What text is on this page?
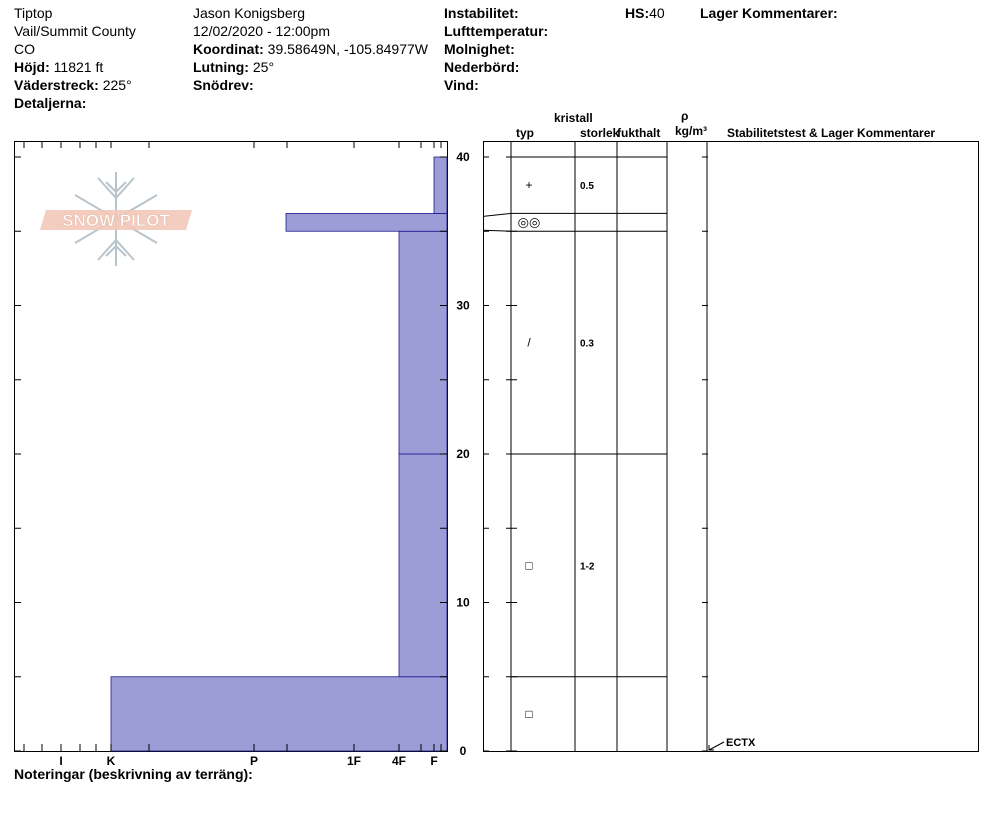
Tiptop
Vail/Summit County
CO
Höjd: 11821 ft
Väderstreck: 225°
Detaljerna:
Jason Konigsberg
12/02/2020 - 12:00pm
Koordinat: 39.58649N, -105.84977W
Lutning: 25°
Snödrev:
Instabilitet:
Lufttemperatur:
Molnighet:
Nederbörd:
Vind:
HS:40	Lager Kommentarer:
kristall
typ	storlek
fukthalt
ρ
kg/m³ Stabilitetstest & Lager Kommentarer
SNOW PILOT
I	K	P	1F	4F F
0
10
20
30
40
+	0.5
◎◎
/	0.3
□	1-2
□
ECTX
Noteringar (beskrivning av terräng):
